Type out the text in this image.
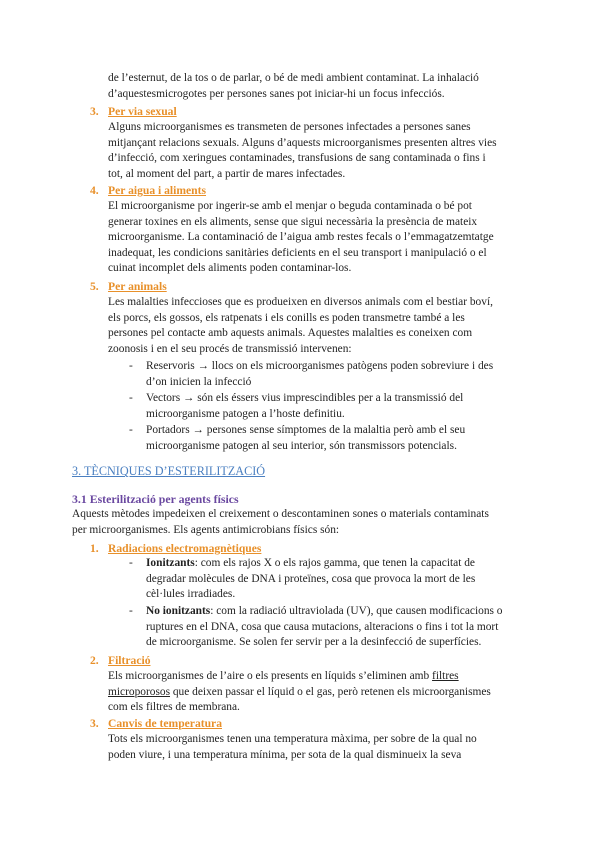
de l’esternut, de la tos o de parlar, o bé de medi ambient contaminat. La inhalació
d’aquestesmicrogotes per persones sanes pot iniciar-hi un focus infecciós.
3. Per via sexual
Alguns microorganismes es transmeten de persones infectades a persones sanes
mitjançant relacions sexuals. Alguns d’aquests microorganismes presenten altres vies
d’infecció, com xeringues contaminades, transfusions de sang contaminada o fins i
tot, al moment del part, a partir de mares infectades.
4. Per aigua i aliments
El microorganisme por ingerir-se amb el menjar o beguda contaminada o bé pot
generar toxines en els aliments, sense que sigui necessària la presència de mateix
microorganisme. La contaminació de l’aigua amb restes fecals o l’emmagatzemtatge
inadequat, les condicions sanitàries deficients en el seu transport i manipulació o el
cuinat incomplet dels aliments poden contaminar-los.
5. Per animals
Les malalties infeccioses que es produeixen en diversos animals com el bestiar boví,
els porcs, els gossos, els ratpenats i els conills es poden transmetre també a les
persones pel contacte amb aquests animals. Aquestes malalties es coneixen com
zoonosis i en el seu procés de transmissió intervenen:
- Reservoris → llocs on els microorganismes patògens poden sobreviure i des
d’on inicien la infecció
- Vectors → són els éssers vius imprescindibles per a la transmissió del
microorganisme patogen a l’hoste definitiu.
- Portadors → persones sense símptomes de la malaltia però amb el seu
microorganisme patogen al seu interior, són transmissors potencials.
3. TÈCNIQUES D’ESTERILITZACIÓ
3.1 Esterilització per agents físics
Aquests mètodes impedeixen el creixement o descontaminen sones o materials contaminats
per microorganismes. Els agents antimicrobians físics són:
1. Radiacions electromagnètiques
- Ionitzants: com els rajos X o els rajos gamma, que tenen la capacitat de
degradar molècules de DNA i proteïnes, cosa que provoca la mort de les
cèl·lules irradiades.
- No ionitzants: com la radiació ultraviolada (UV), que causen modificacions o
ruptures en el DNA, cosa que causa mutacions, alteracions o fins i tot la mort
de microorganisme. Se solen fer servir per a la desinfecció de superfícies.
2. Filtració
Els microorganismes de l’aire o els presents en líquids s’eliminen amb filtres
microporosos que deixen passar el líquid o el gas, però retenen els microorganismes
com els filtres de membrana.
3. Canvis de temperatura
Tots els microorganismes tenen una temperatura màxima, per sobre de la qual no
poden viure, i una temperatura mínima, per sota de la qual disminueix la seva
